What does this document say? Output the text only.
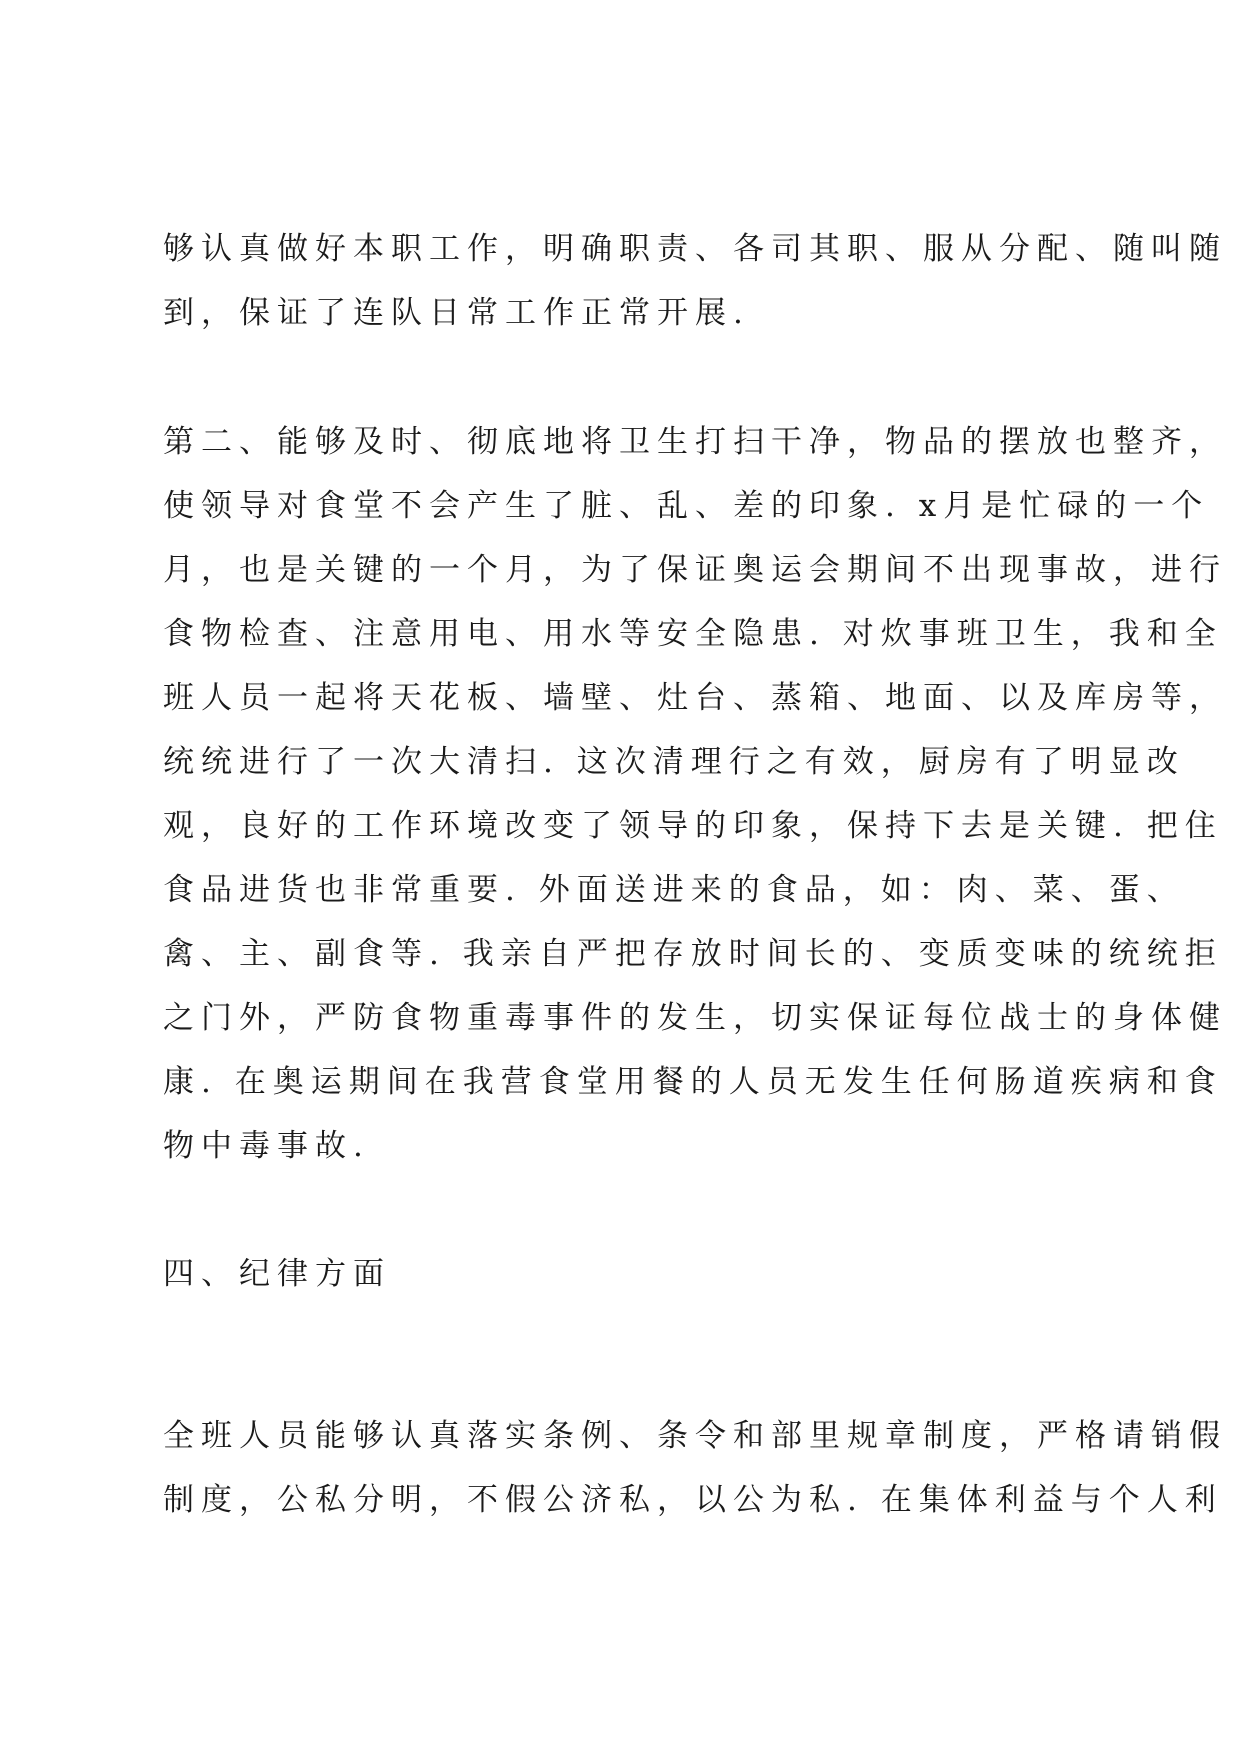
够认真做好本职工作，明确职责、各司其职、服从分配、随叫随
到，保证了连队日常工作正常开展.
第二、能够及时、彻底地将卫生打扫干净，物品的摆放也整齐，
使领导对食堂不会产生了脏、乱、差的印象. x月是忙碌的一个
月，也是关键的一个月，为了保证奥运会期间不出现事故，进行
食物检查、注意用电、用水等安全隐患. 对炊事班卫生，我和全
班人员一起将天花板、墙壁、灶台、蒸箱、地面、以及库房等，
统统进行了一次大清扫. 这次清理行之有效，厨房有了明显改
观，良好的工作环境改变了领导的印象，保持下去是关键. 把住
食品进货也非常重要. 外面送进来的食品，如：肉、菜、蛋、
禽、主、副食等. 我亲自严把存放时间长的、变质变味的统统拒
之门外，严防食物重毒事件的发生，切实保证每位战士的身体健
康. 在奥运期间在我营食堂用餐的人员无发生任何肠道疾病和食
物中毒事故.
四、纪律方面
全班人员能够认真落实条例、条令和部里规章制度，严格请销假
制度，公私分明，不假公济私，以公为私. 在集体利益与个人利
